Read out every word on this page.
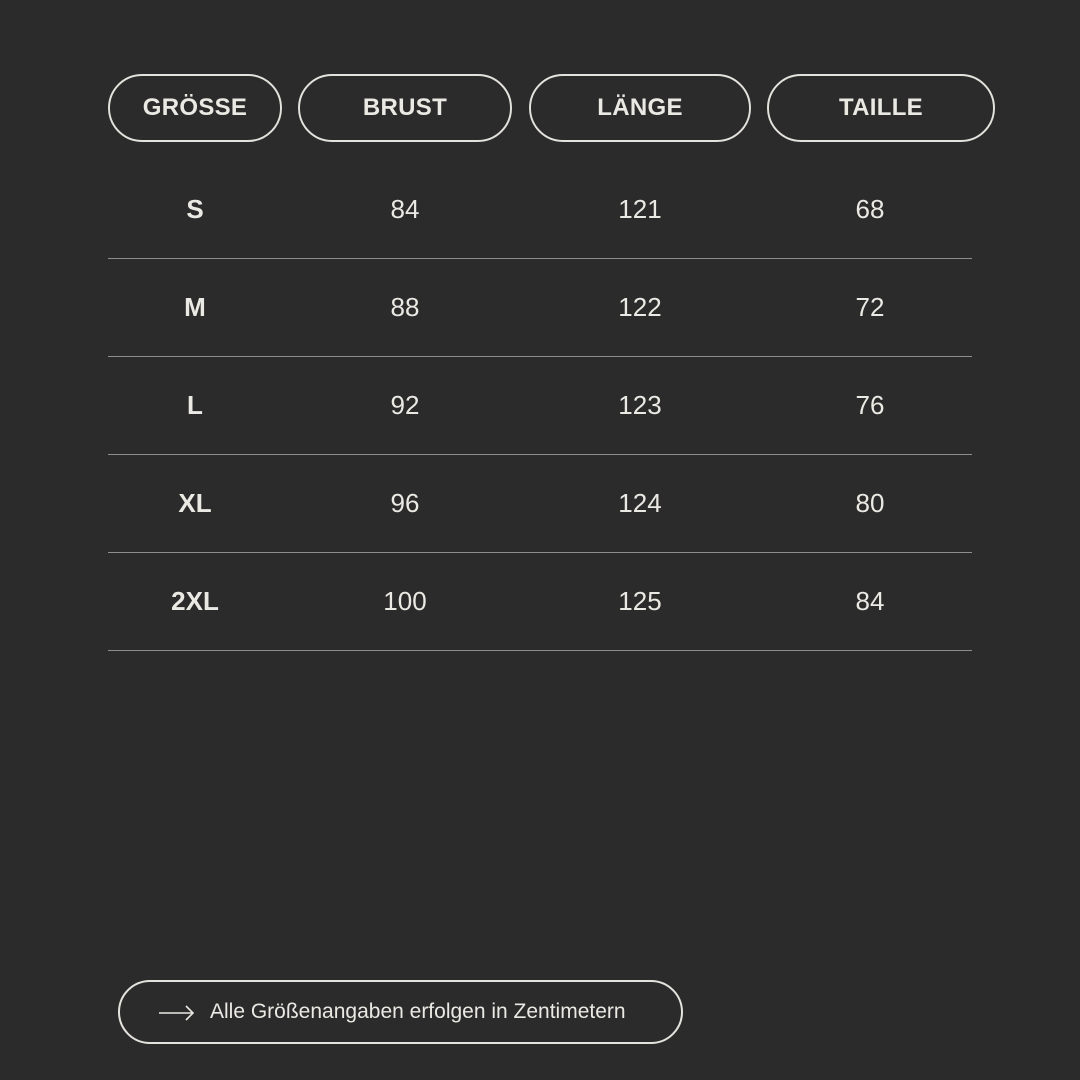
GRÖSSE	BRUST	LÄNGE	TAILLE
S	84	121	68
M	88	122	72
L	92	123	76
XL	96	124	80
2XL	100	125	84
Alle Größenangaben erfolgen in Zentimetern
